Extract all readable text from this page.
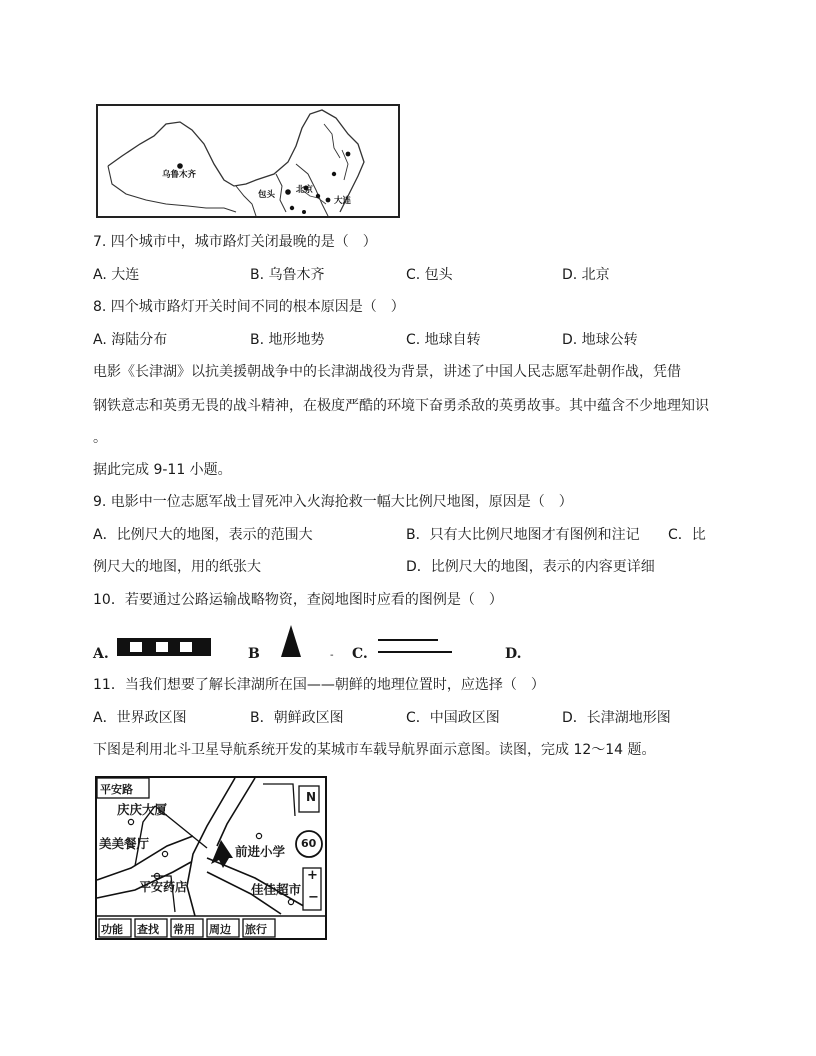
乌鲁木齐
包头 北京
大连
7. 四个城市中，城市路灯关闭最晚的是（　）
A. 大连	B. 乌鲁木齐	C. 包头	D. 北京
8. 四个城市路灯开关时间不同的根本原因是（　）
A. 海陆分布	B. 地形地势	C. 地球自转	D. 地球公转
电影《长津湖》以抗美援朝战争中的长津湖战役为背景，讲述了中国人民志愿军赴朝作战，凭借
钢铁意志和英勇无畏的战斗精神，在极度严酷的环境下奋勇杀敌的英勇故事。其中蕴含不少地理知识
。
据此完成 9-11 小题。
9. 电影中一位志愿军战士冒死冲入火海抢救一幅大比例尺地图，原因是（　）
A．比例尺大的地图，表示的范围大	B．只有大比例尺地图才有图例和注记 C．比
例尺大的地图，用的纸张大	D．比例尺大的地图，表示的内容更详细
10．若要通过公路运输战略物资，查阅地图时应看的图例是（　）
A.	B	- C.	D.
11．当我们想要了解长津湖所在国——朝鲜的地理位置时，应选择（　）
A．世界政区图	B．朝鲜政区图	C．中国政区图	D．长津湖地形图
下图是利用北斗卫星导航系统开发的某城市车载导航界面示意图。读图，完成 12～14 题。
平安路
庆庆大厦
美美餐厅
前进小学
平安药店	佳佳超市
N
60
+
−
功能 查找 常用 周边 旅行
